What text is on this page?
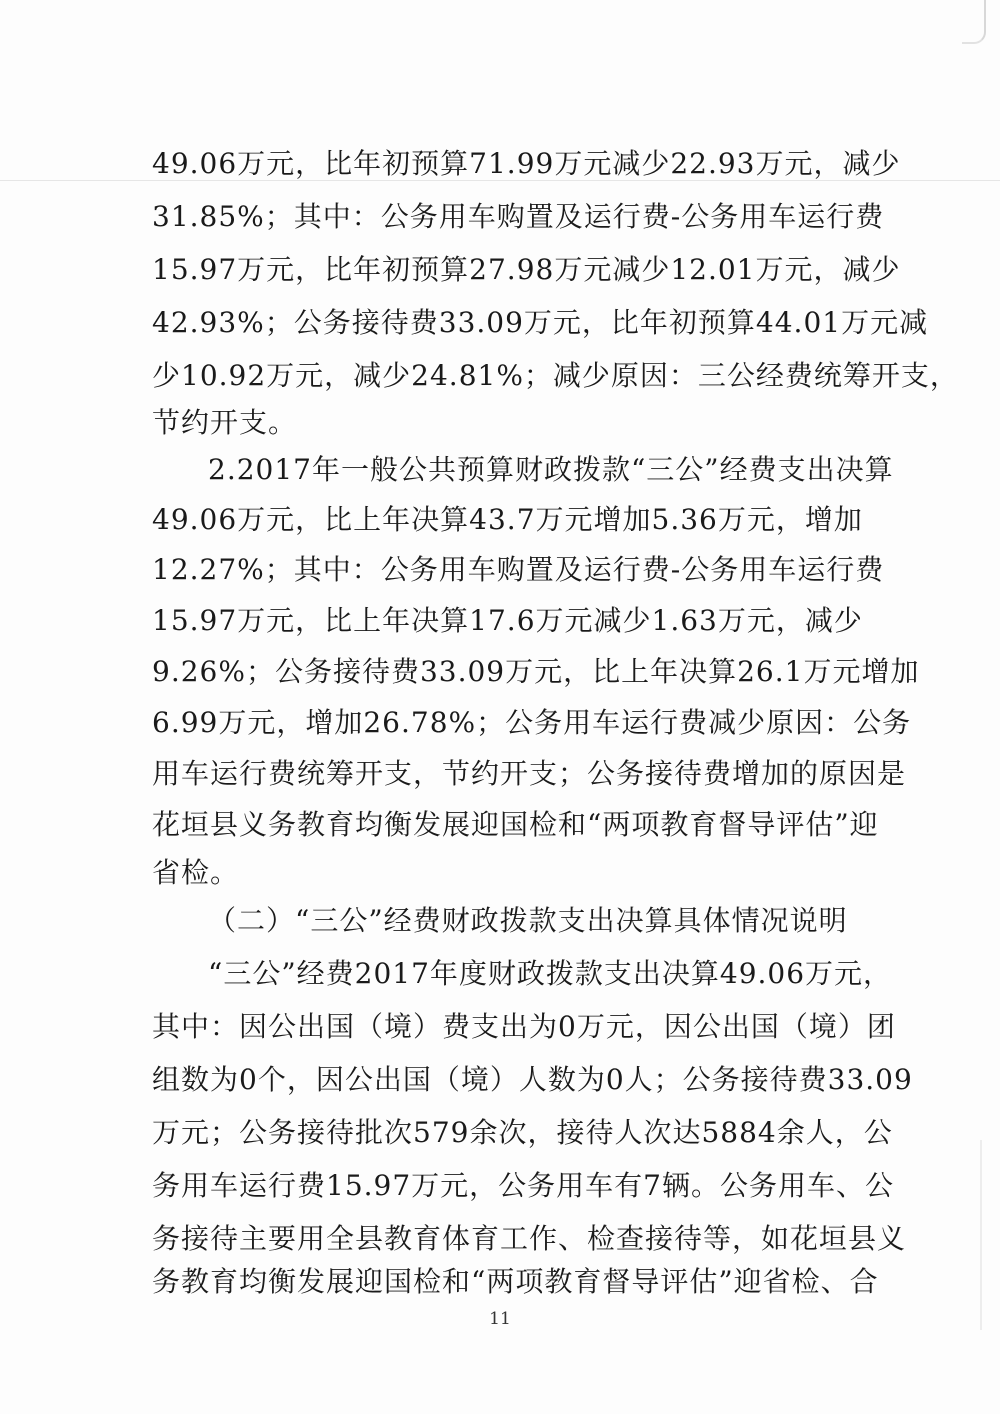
49.06万元，比年初预算71.99万元减少22.93万元，减少
31.85%；其中：公务用车购置及运行费-公务用车运行费
15.97万元，比年初预算27.98万元减少12.01万元，减少
42.93%；公务接待费33.09万元，比年初预算44.01万元减
少10.92万元，减少24.81%；减少原因：三公经费统筹开支，
节约开支。
2.2017年一般公共预算财政拨款“三公”经费支出决算
49.06万元，比上年决算43.7万元增加5.36万元，增加
12.27%；其中：公务用车购置及运行费-公务用车运行费
15.97万元，比上年决算17.6万元减少1.63万元，减少
9.26%；公务接待费33.09万元，比上年决算26.1万元增加
6.99万元，增加26.78%；公务用车运行费减少原因：公务
用车运行费统筹开支，节约开支；公务接待费增加的原因是
花垣县义务教育均衡发展迎国检和“两项教育督导评估”迎
省检。
（二）“三公”经费财政拨款支出决算具体情况说明
“三公”经费2017年度财政拨款支出决算49.06万元，
其中：因公出国（境）费支出为0万元，因公出国（境）团
组数为0个，因公出国（境）人数为0人；公务接待费33.09
万元；公务接待批次579余次，接待人次达5884余人，公
务用车运行费15.97万元，公务用车有7辆。公务用车、公
务接待主要用全县教育体育工作、检查接待等，如花垣县义
务教育均衡发展迎国检和“两项教育督导评估”迎省检、合
11
